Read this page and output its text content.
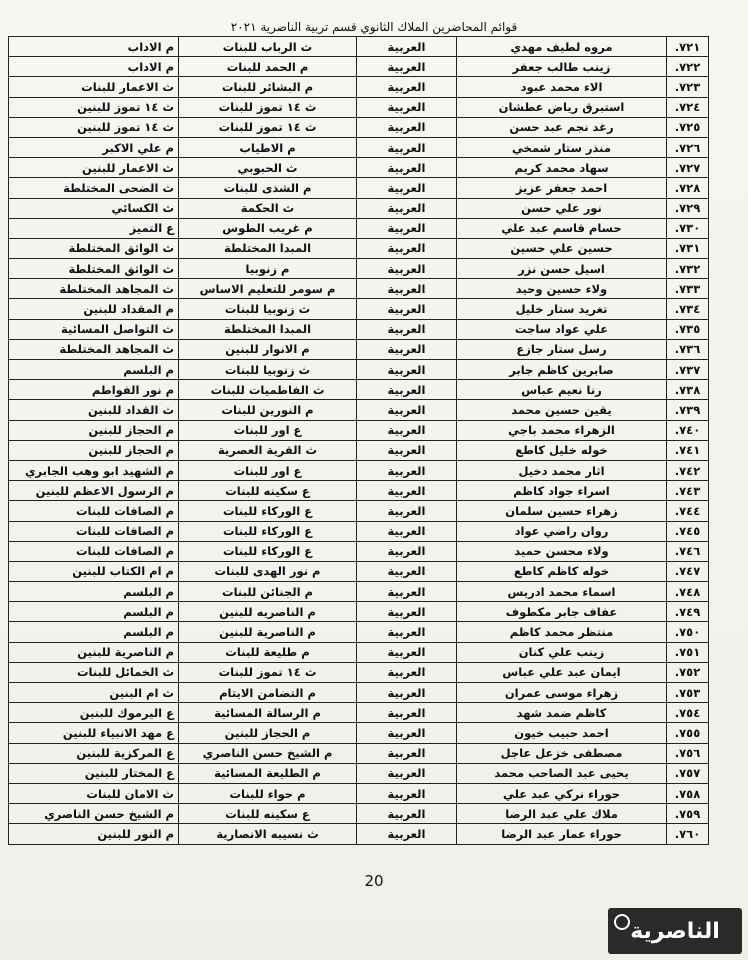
قوائم المحاضرين الملاك الثانوي قسم تربية الناصرية ٢٠٢١
٧٢١.	مروه لطيف مهدي	العربية	ث الرباب للبنات	م الاداب
٧٢٢.	زينب طالب جعفر	العربية	م الحمد للبنات	م الاداب
٧٢٣.	الاء محمد عبود	العربية	م البشائر للبنات	ث الاعمار للبنات
٧٢٤.	استبرق رياض عطشان	العربية	ث ١٤ تموز للبنات	ث ١٤ تموز للبنين
٧٢٥.	رغد نجم عبد حسن	العربية	ث ١٤ تموز للبنات	ث ١٤ تموز للبنين
٧٢٦.	منذر ستار شمخي	العربية	م الاطياب	م علي الاكبر
٧٢٧.	سهاد محمد كريم	العربية	ث الحبوبي	ث الاعمار للبنين
٧٢٨.	احمد جعفر عزيز	العربية	م الشذى للبنات	ث الضحى المختلطة
٧٢٩.	نور علي حسن	العربية	ث الحكمة	ث الكسائي
٧٣٠.	حسام قاسم عبد علي	العربية	م غريب الطوس	ع التميز
٧٣١.	حسين علي حسين	العربية	المبدا المختلطة	ث الواثق المختلطة
٧٣٢.	اسيل حسن نزر	العربية	م زنوبيا	ث الواثق المختلطة
٧٣٣.	ولاء حسين وحيد	العربية	م سومر للتعليم الاساس	ث المجاهد المختلطة
٧٣٤.	تغريد ستار خليل	العربية	ث زنوبيا للبنات	م المقداد للبنين
٧٣٥.	علي عواد ساجت	العربية	المبدا المختلطة	ث التواصل المسائية
٧٣٦.	رسل ستار جازع	العربية	م الانوار للبنين	ث المجاهد المختلطة
٧٣٧.	صابرين كاظم جابر	العربية	ث زنوبيا للبنات	م البلسم
٧٣٨.	رنا نعيم عباس	العربية	ث الفاطميات للبنات	م نور الفواطم
٧٣٩.	يقين حسين محمد	العربية	م النورين للبنات	ث القداد للبنين
٧٤٠.	الزهراء محمد باجي	العربية	ع اور للبنات	م الحجاز للبنين
٧٤١.	خوله خليل كاطع	العربية	ث القرية العصرية	م الحجاز للبنين
٧٤٢.	اثار محمد دخيل	العربية	ع اور للبنات	م الشهيد ابو وهب الجابري
٧٤٣.	اسراء جواد كاظم	العربية	ع سكينه للبنات	م الرسول الاعظم للبنين
٧٤٤.	زهراء حسين سلمان	العربية	ع الوركاء للبنات	م الصافات للبنات
٧٤٥.	روان راضي عواد	العربية	ع الوركاء للبنات	م الصافات للبنات
٧٤٦.	ولاء محسن حميد	العربية	ع الوركاء للبنات	م الصافات للبنات
٧٤٧.	خوله كاظم كاطع	العربية	م نور الهدى للبنات	م ام الكتاب للبنين
٧٤٨.	اسماء محمد ادريس	العربية	م الجنائن للبنات	م البلسم
٧٤٩.	عفاف جابر مكطوف	العربية	م الناصريه للبنين	م البلسم
٧٥٠.	منتظر محمد كاظم	العربية	م الناصرية للبنين	م البلسم
٧٥١.	زينب علي كنان	العربية	م طليعة للبنات	م الناصرية للبنين
٧٥٢.	ايمان عبد علي عباس	العربية	ث ١٤ تموز للبنات	ث الخمائل للبنات
٧٥٣.	زهراء موسى عمران	العربية	م التضامن الايتام	ث ام البنين
٧٥٤.	كاظم ضمد شهد	العربية	م الرسالة المسائية	ع اليرموك للبنين
٧٥٥.	احمد حبيب خيون	العربية	م الحجاز للبنين	ع مهد الانبياء للبنين
٧٥٦.	مصطفى خزعل عاجل	العربية	م الشيخ حسن الناصري	ع المركزية للبنين
٧٥٧.	يحيى عبد الصاحب محمد	العربية	م الطليعة المسائية	ع المختار للبنين
٧٥٨.	حوراء نركي عبد علي	العربية	م حواء للبنات	ث الامان للبنات
٧٥٩.	ملاك علي عبد الرضا	العربية	ع سكينه للبنات	م الشيخ حسن الناصري
٧٦٠.	حوراء عمار عبد الرضا	العربية	ث نسيبه الانصارية	م النور للبنين
20
الناصرية
